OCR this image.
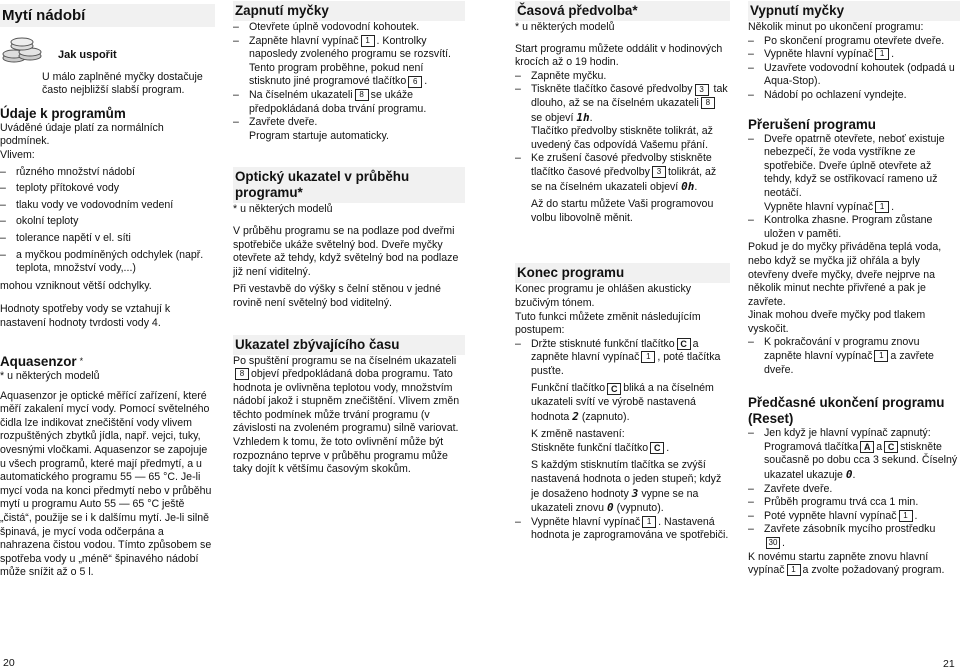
Mytí nádobí
Jak uspořit

U málo zaplněné myčky dostačuje často nejbližší slabší program.

Údaje k programům

Uváděné údaje platí za normálních podmínek.

Vlivem:

– různého množství nádobí

– teploty přítokové vody

– tlaku vody ve vodovodním vedení

– okolní teploty

– tolerance napětí v el. síti

– a myčkou podmíněných odchylek (např. teplota, množství vody,...)

mohou vzniknout větší odchylky.

Hodnoty spotřeby vody se vztahují k nastavení hodnoty tvrdosti vody 4.

Aquasenzor *

* u některých modelů

Aquasenzor je optické měřící zařízení, které měří zakalení mycí vody. Pomocí světelného čidla lze indikovat znečištění vody vlivem rozpuštěných zbytků jídla, např. vejci, tuky, ovesnými vločkami. Aquasenzor se zapojuje u všech programů, které mají předmytí, a u automatického programu 55 — 65 °C. Je-li mycí voda na konci předmytí nebo v průběhu mytí u programu Auto 55 — 65 °C ještě „čistá“, použije se i k dalšímu mytí. Je-li silně špinavá, je mycí voda odčerpána a nahrazena čistou vodou. Tímto způsobem se spotřeba vody u „méně“ špinavého nádobí může snížit až o 5 l.

Zapnutí myčky

– Otevřete úplně vodovodní kohoutek.

– Zapněte hlavní vypínač 1 . Kontrolky naposledy zvoleného programu se rozsvítí. Tento program proběhne, pokud není stisknuto jiné programové tlačítko 6 .

– Na číselném ukazateli 8 se ukáže předpokládaná doba trvání programu.

– Zavřete dveře.

Program startuje automaticky.

Optický ukazatel v průběhu programu*

* u některých modelů

V průběhu programu se na podlaze pod dveřmi spotřebiče ukáže světelný bod. Dveře myčky otevřete až tehdy, když světelný bod na podlaze již není viditelný.

Při vestavbě do výšky s čelní stěnou v jedné rovině není světelný bod viditelný.

Ukazatel zbývajícího času

Po spuštění programu se na číselném ukazateli8 objeví předpokládaná doba programu. Tato hodnota je ovlivněna teplotou vody, množstvím nádobí jakož i stupněm znečištění. Vlivem změn těchto podmínek může trvání programu (v závislosti na zvoleném programu) silně variovat. Vzhledem k tomu, že toto ovlivnění může být rozpoznáno teprve v průběhu programu může taky dojít k většímu časovým skokům.

Časová předvolba*

* u některých modelů

Start programu můžete oddálit v hodinových krocích až o 19 hodin.

– Zapněte myčku.

– Tiskněte tlačítko časové předvolby 3 tak dlouho, až se na číselném ukazateli 8 se objeví 1h.

Tlačítko předvolby stiskněte tolikrát, až uvedený čas odpovídá Vašemu přání.

– Ke zrušení časové předvolby stiskněte tlačítko časové předvolby 3 tolikrát, až se na číselném ukazateli objeví 0h.

Až do startu můžete Vaši programovou volbu libovolně měnit.

Konec programu

Konec programu je ohlášen akusticky bzučivým tónem.

Tuto funkci můžete změnit následujícím postupem:

– Držte stisknuté funkční tlačítko C a zapněte hlavní vypínač 1 , poté tlačítka pusťte.

Funkční tlačítko C bliká a na číselném ukazateli svítí ve výrobě nastavená hodnota 2 (zapnuto).

K změně nastavení:

Stiskněte funkční tlačítko C .

S každým stisknutím tlačítka se zvýší nastavená hodnota o jeden stupeň; když je dosaženo hodnoty 3 vypne se na ukazateli znovu 0 (vypnuto).

– Vypněte hlavní vypínač 1 . Nastavená hodnota je zaprogramována ve spotřebiči.

Vypnutí myčky

Několik minut po ukončení programu:

– Po skončení programu otevřete dveře.

– Vypněte hlavní vypínač 1 .

– Uzavřete vodovodní kohoutek (odpadá u Aqua-Stop).

– Nádobí po ochlazení vyndejte.

Přerušení programu

– Dveře opatrně otevřete, neboť existuje nebezpečí, že voda vystříkne ze spotřebiče. Dveře úplně otevřete až tehdy, když se ostřikovací rameno už neotáčí.

Vypněte hlavní vypínač 1 .

– Kontrolka zhasne. Program zůstane uložen v paměti.

Pokud je do myčky přiváděna teplá voda, nebo když se myčka již ohřála a byly otevřeny dveře myčky, dveře nejprve na několik minut nechte přivřené a pak je zavřete.

Jinak mohou dveře myčky pod tlakem vyskočit.

– K pokračování v programu znovu zapněte hlavní vypínač 1 a zavřete dveře.

Předčasné ukončení programu (Reset)

– Jen když je hlavní vypínač zapnutý: Programová tlačítka A a C stiskněte současně po dobu cca 3 sekund. Číselný ukazatel ukazuje 0.

– Zavřete dveře.

– Průběh programu trvá cca 1 min.

– Poté vypněte hlavní vypínač 1 .

– Zavřete zásobník mycího prostředku
30 .

K novému startu zapněte znovu hlavní vypínač 1 a zvolte požadovaný program.

20	21
